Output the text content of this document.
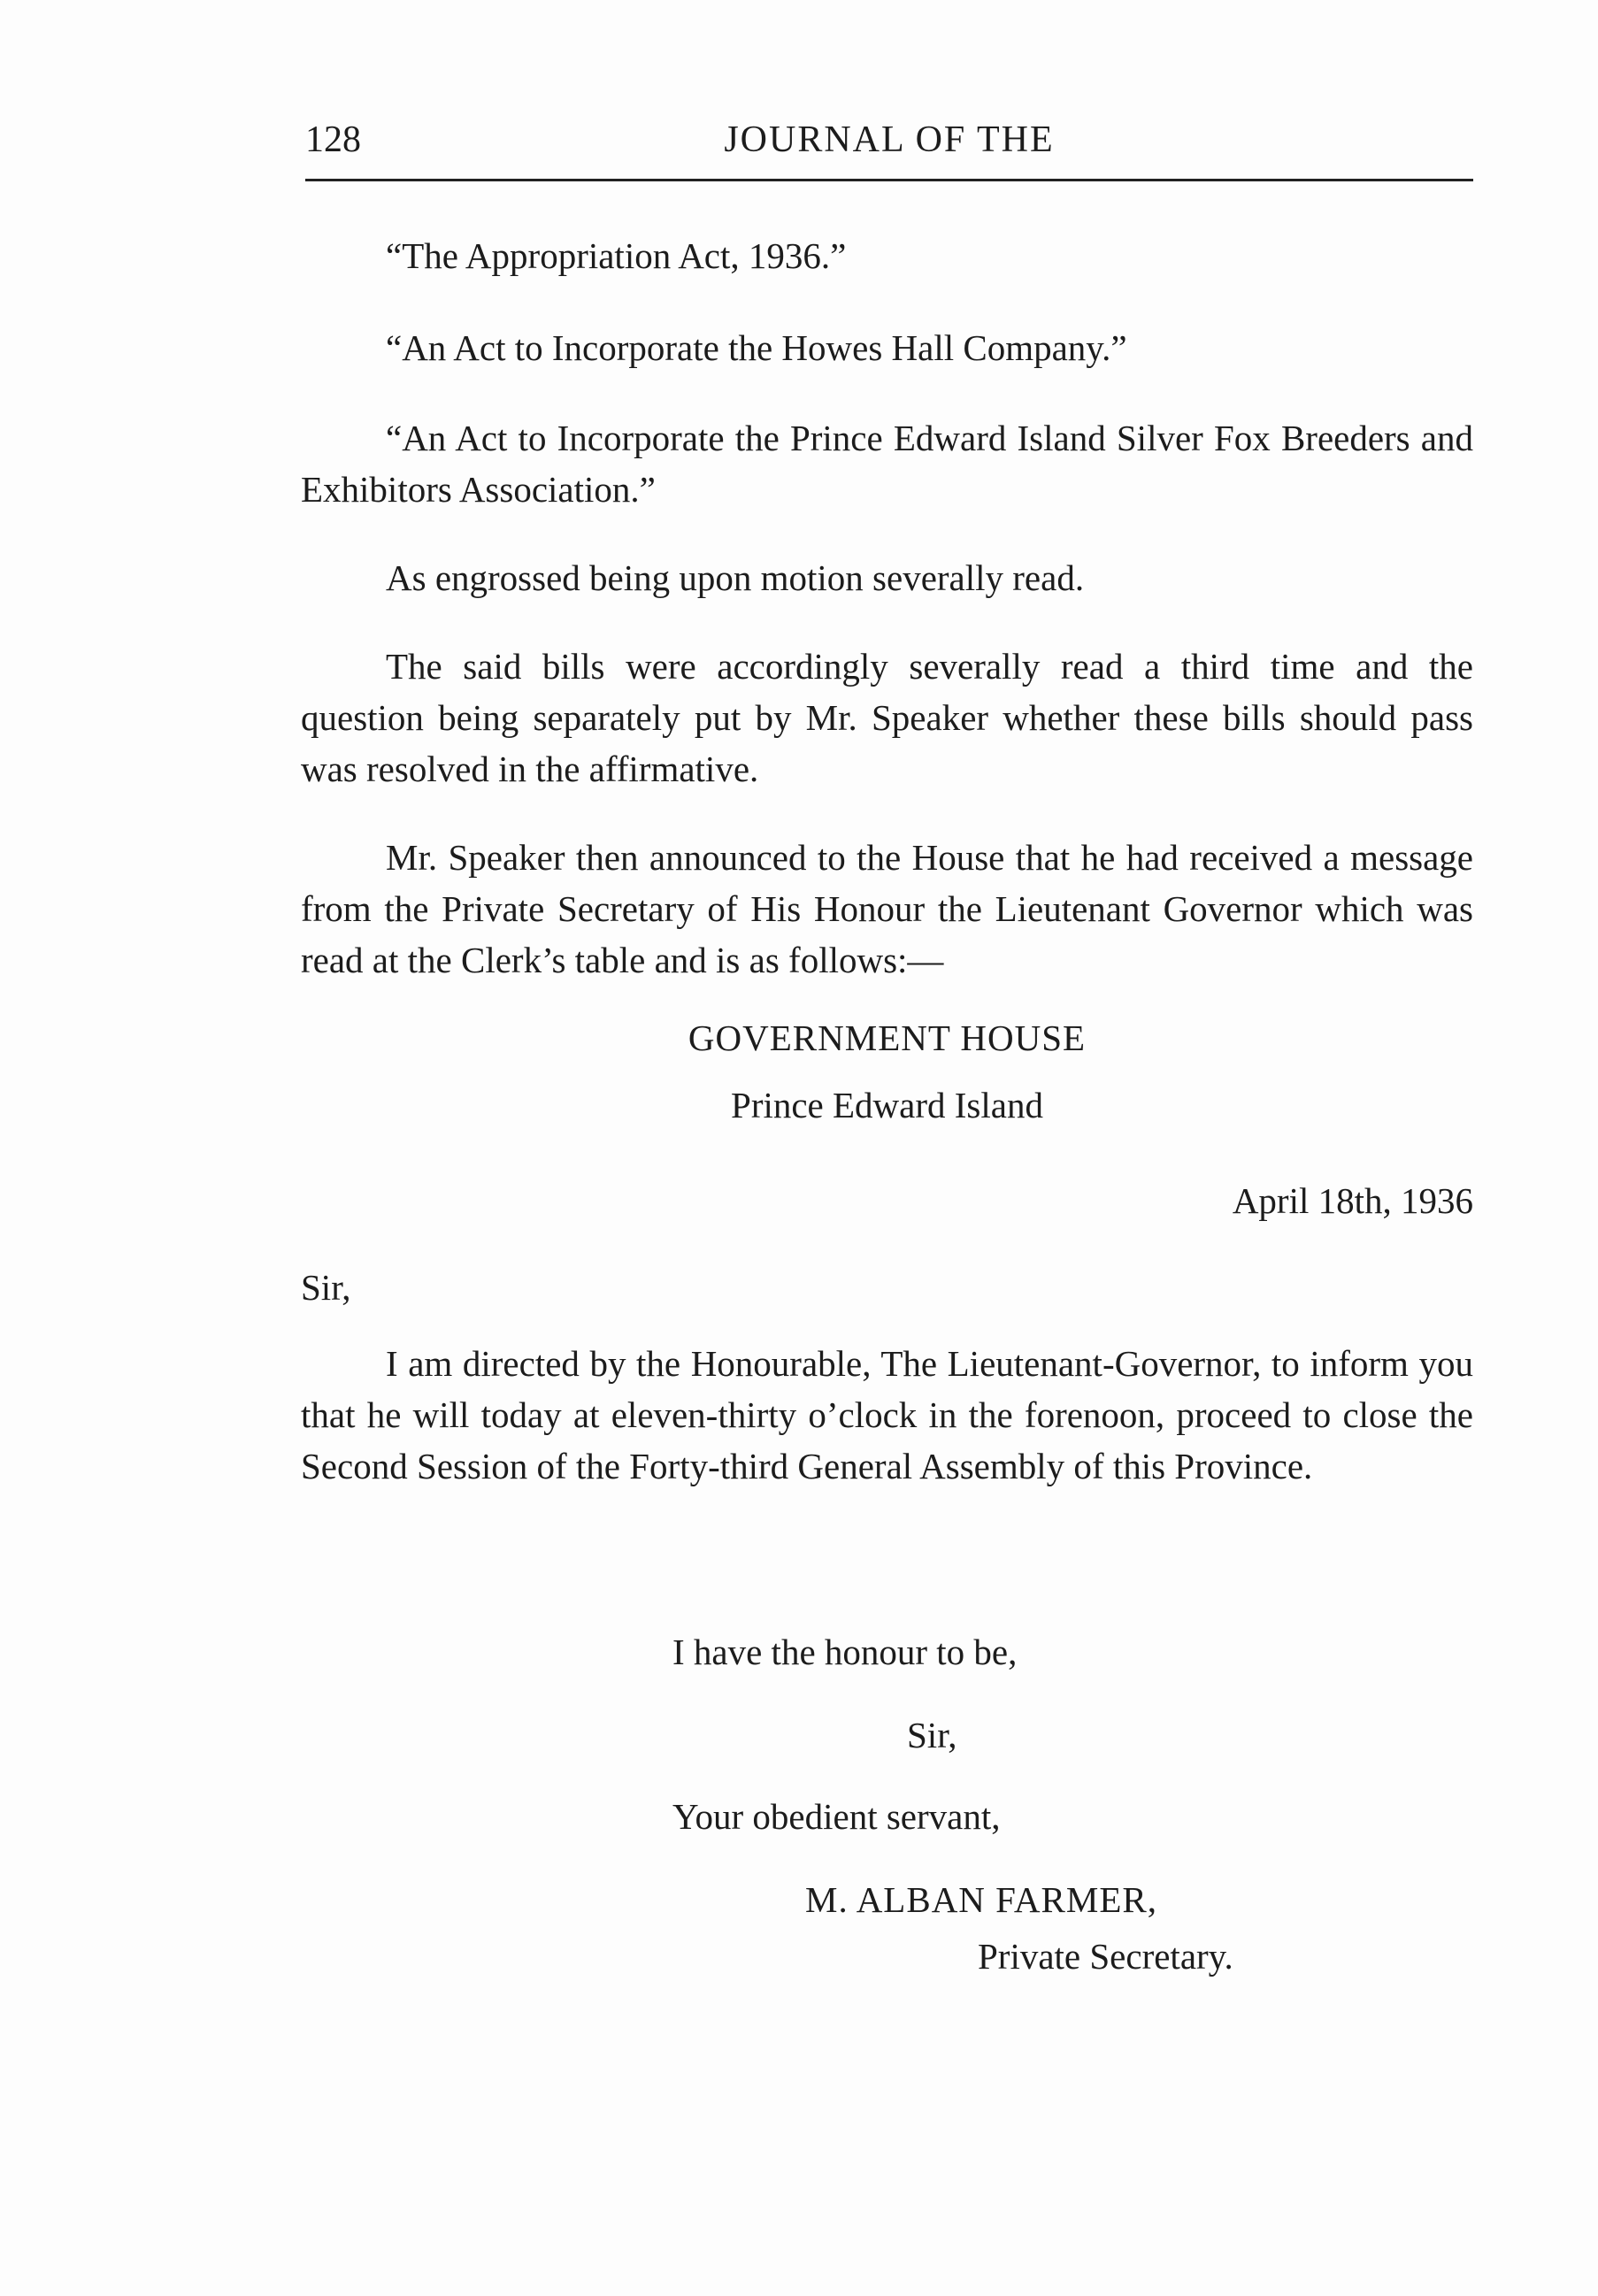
128	JOURNAL OF THE

“The Appropriation Act, 1936.”

“An Act to Incorporate the Howes Hall Company.”

“An Act to Incorporate the Prince Edward Island Silver Fox Breeders and Exhibitors Association.”

As engrossed being upon motion severally read.

The said bills were accordingly severally read a third time and the question being separately put by Mr. Speaker whether these bills should pass was resolved in the affirmative.

Mr. Speaker then announced to the House that he had received a message from the Private Secretary of His Honour the Lieutenant Governor which was read at the Clerk’s table and is as follows:—

GOVERNMENT HOUSE

Prince Edward Island

April 18th, 1936

Sir,

I am directed by the Honourable, The Lieutenant-Governor, to inform you that he will today at eleven-thirty o’clock in the forenoon, proceed to close the Second Session of the Forty-third General Assembly of this Province.

I have the honour to be,
Sir,
Your obedient servant,
M. ALBAN FARMER,
Private Secretary.
